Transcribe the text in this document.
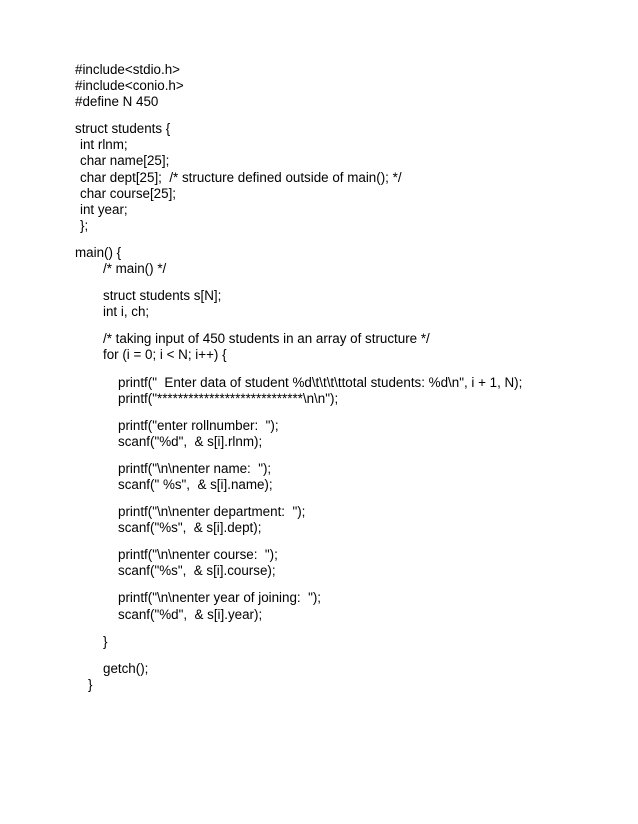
#include<stdio.h>
#include<conio.h>
#define N 450
struct students {
int rlnm;
char name[25];
char dept[25];  /* structure defined outside of main(); */
char course[25];
int year;
};
main() {
/* main() */
struct students s[N];
int i, ch;
/* taking input of 450 students in an array of structure */
for (i = 0; i < N; i++) {
printf("  Enter data of student %d\t\t\t\ttotal students: %d\n", i + 1, N);
printf("****************************\n\n");
printf("enter rollnumber:  ");
scanf("%d",  & s[i].rlnm);
printf("\n\nenter name:  ");
scanf(" %s",  & s[i].name);
printf("\n\nenter department:  ");
scanf("%s",  & s[i].dept);
printf("\n\nenter course:  ");
scanf("%s",  & s[i].course);
printf("\n\nenter year of joining:  ");
scanf("%d",  & s[i].year);
}
getch();
}
